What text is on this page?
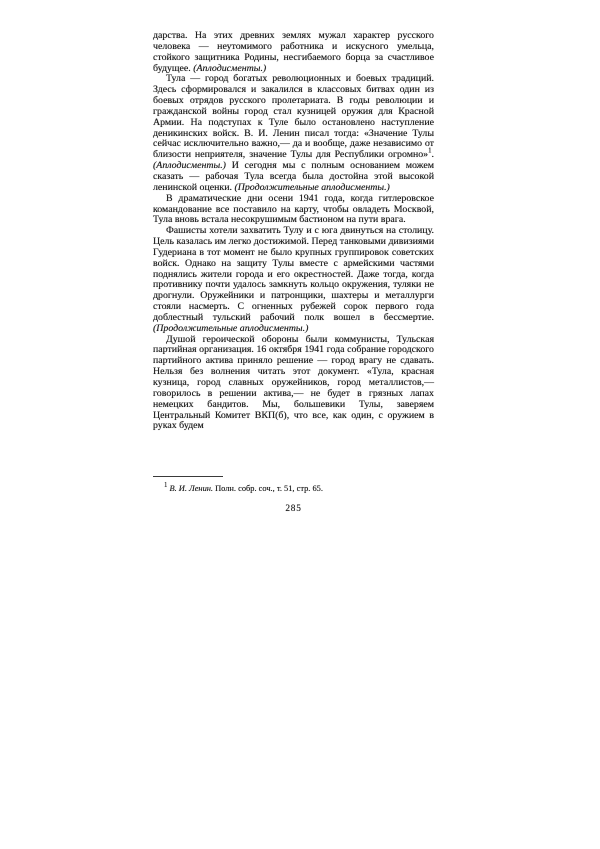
дарства. На этих древних землях мужал характер русского человека — неутомимого работника и искусного умельца, стойкого защитника Родины, несгибаемого борца за счастливое будущее. (Аплодисменты.)

Тула — город богатых революционных и боевых традиций. Здесь сформировался и закалился в классовых битвах один из боевых отрядов русского пролетариата. В годы революции и гражданской войны город стал кузницей оружия для Красной Армии. На подступах к Туле было остановлено наступление деникинских войск. В. И. Ленин писал тогда: «Значение Тулы сейчас исключительно важно,— да и вообще, даже независимо от близости неприятеля, значение Тулы для Республики огромно»$^1$. (Аплодисменты.) И сегодня мы с полным основанием можем сказать — рабочая Тула всегда была достойна этой высокой ленинской оценки. (Продолжительные аплодисменты.)

В драматические дни осени 1941 года, когда гитлеровское командование все поставило на карту, чтобы овладеть Москвой, Тула вновь встала несокрушимым бастионом на пути врага.

Фашисты хотели захватить Тулу и с юга двинуться на столицу. Цель казалась им легко достижимой. Перед танковыми дивизиями Гудериана в тот момент не было крупных группировок советских войск. Однако на защиту Тулы вместе с армейскими частями поднялись жители города и его окрестностей. Даже тогда, когда противнику почти удалось замкнуть кольцо окружения, туляки не дрогнули. Оружейники и патронщики, шахтеры и металлурги стояли насмерть. С огненных рубежей сорок первого года доблестный тульский рабочий полк вошел в бессмертие. (Продолжительные аплодисменты.)

Душой героической обороны были коммунисты, Тульская партийная организация. 16 октября 1941 года собрание городского партийного актива приняло решение — город врагу не сдавать. Нельзя без волнения читать этот документ. «Тула, красная кузница, город славных оружейников, город металлистов,— говорилось в решении актива,— не будет в грязных лапах немецких бандитов. Мы, большевики Тулы, заверяем Центральный Комитет ВКП(б), что все, как один, с оружием в руках будем

$^1$ В. И. Ленин. Полн. собр. соч., т. 51, стр. 65.
285
